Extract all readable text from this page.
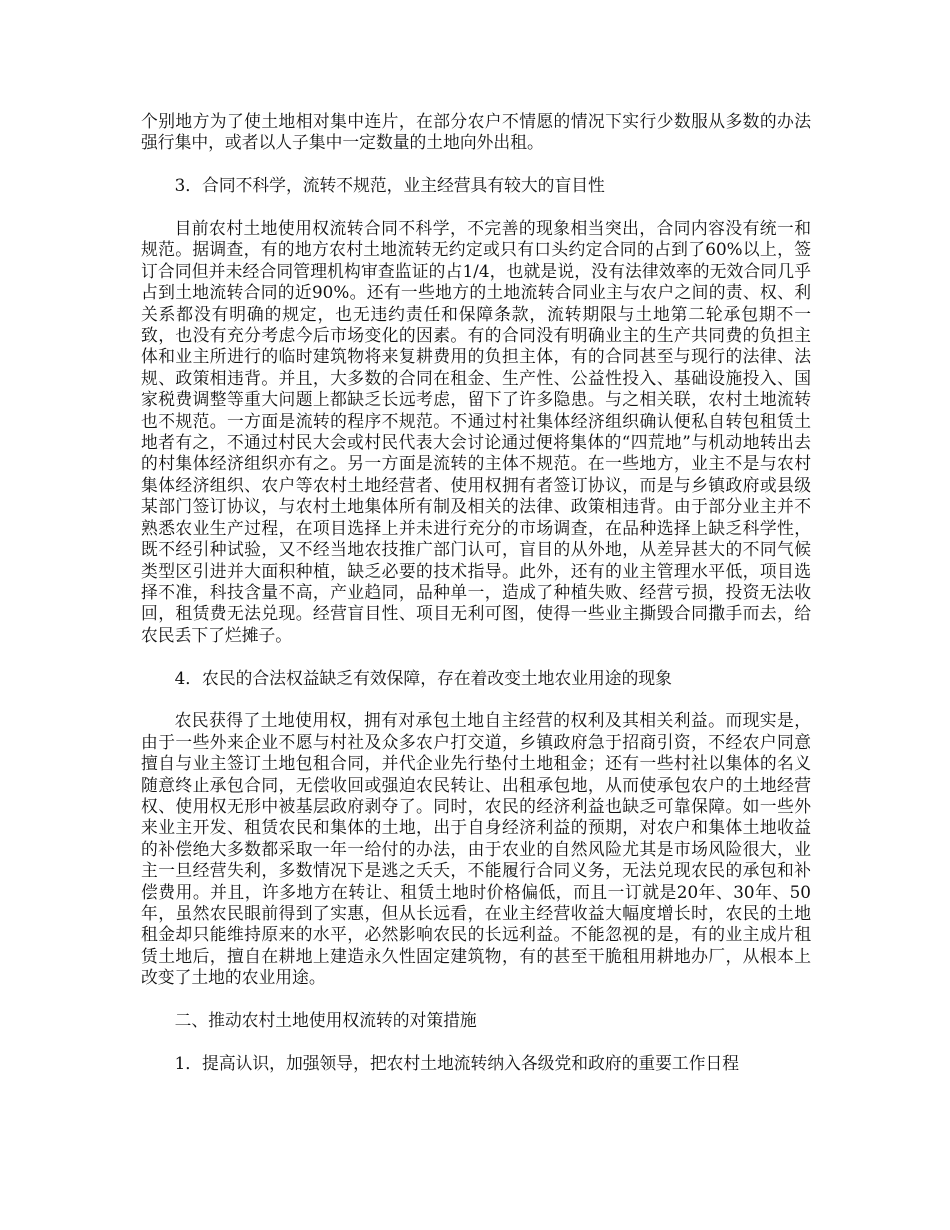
个别地方为了使土地相对集中连片，在部分农户不情愿的情况下实行少数服从多数的办法强行集中，或者以人子集中一定数量的土地向外出租。

3．合同不科学，流转不规范，业主经营具有较大的盲目性

目前农村土地使用权流转合同不科学，不完善的现象相当突出，合同内容没有统一和规范。据调查，有的地方农村土地流转无约定或只有口头约定合同的占到了60%以上，签订合同但并未经合同管理机构审查监证的占1/4，也就是说，没有法律效率的无效合同几乎占到土地流转合同的近90%。还有一些地方的土地流转合同业主与农户之间的责、权、利关系都没有明确的规定，也无违约责任和保障条款，流转期限与土地第二轮承包期不一致，也没有充分考虑今后市场变化的因素。有的合同没有明确业主的生产共同费的负担主体和业主所进行的临时建筑物将来复耕费用的负担主体，有的合同甚至与现行的法律、法规、政策相违背。并且，大多数的合同在租金、生产性、公益性投入、基础设施投入、国家税费调整等重大问题上都缺乏长远考虑，留下了许多隐患。与之相关联，农村土地流转也不规范。一方面是流转的程序不规范。不通过村社集体经济组织确认便私自转包租赁土地者有之，不通过村民大会或村民代表大会讨论通过便将集体的“四荒地”与机动地转出去的村集体经济组织亦有之。另一方面是流转的主体不规范。在一些地方，业主不是与农村集体经济组织、农户等农村土地经营者、使用权拥有者签订协议，而是与乡镇政府或县级某部门签订协议，与农村土地集体所有制及相关的法律、政策相违背。由于部分业主并不熟悉农业生产过程，在项目选择上并未进行充分的市场调查，在品种选择上缺乏科学性，既不经引种试验，又不经当地农技推广部门认可，盲目的从外地，从差异甚大的不同气候类型区引进并大面积种植，缺乏必要的技术指导。此外，还有的业主管理水平低，项目选择不准，科技含量不高，产业趋同，品种单一，造成了种植失败、经营亏损，投资无法收回，租赁费无法兑现。经营盲目性、项目无利可图，使得一些业主撕毁合同撒手而去，给农民丢下了烂摊子。

4．农民的合法权益缺乏有效保障，存在着改变土地农业用途的现象

农民获得了土地使用权，拥有对承包土地自主经营的权利及其相关利益。而现实是，由于一些外来企业不愿与村社及众多农户打交道，乡镇政府急于招商引资，不经农户同意擅自与业主签订土地包租合同，并代企业先行垫付土地租金；还有一些村社以集体的名义随意终止承包合同，无偿收回或强迫农民转让、出租承包地，从而使承包农户的土地经营权、使用权无形中被基层政府剥夺了。同时，农民的经济利益也缺乏可靠保障。如一些外来业主开发、租赁农民和集体的土地，出于自身经济利益的预期，对农户和集体土地收益的补偿绝大多数都采取一年一给付的办法，由于农业的自然风险尤其是市场风险很大，业主一旦经营失利，多数情况下是逃之夭夭，不能履行合同义务，无法兑现农民的承包和补偿费用。并且，许多地方在转让、租赁土地时价格偏低，而且一订就是20年、30年、50年，虽然农民眼前得到了实惠，但从长远看，在业主经营收益大幅度增长时，农民的土地租金却只能维持原来的水平，必然影响农民的长远利益。不能忽视的是，有的业主成片租赁土地后，擅自在耕地上建造永久性固定建筑物，有的甚至干脆租用耕地办厂，从根本上改变了土地的农业用途。

二、推动农村土地使用权流转的对策措施

1．提高认识，加强领导，把农村土地流转纳入各级党和政府的重要工作日程
